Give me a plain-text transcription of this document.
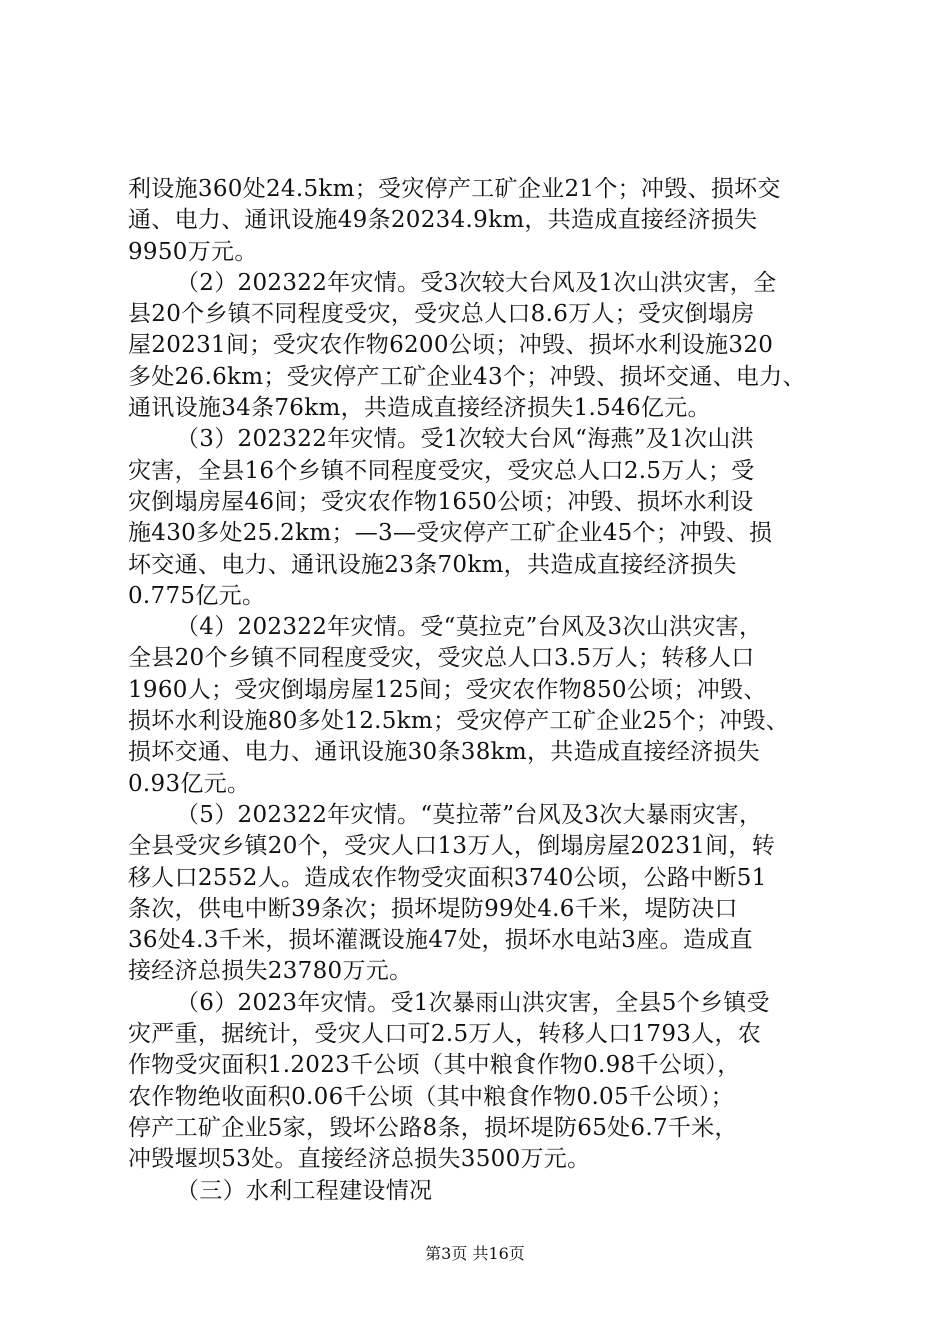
利设施360处24.5km；受灾停产工矿企业21个；冲毁、损坏交
通、电力、通讯设施49条20234.9km，共造成直接经济损失
9950万元。
（2）202322年灾情。受3次较大台风及1次山洪灾害，全
县20个乡镇不同程度受灾，受灾总人口8.6万人；受灾倒塌房
屋20231间；受灾农作物6200公顷；冲毁、损坏水利设施320
多处26.6km；受灾停产工矿企业43个；冲毁、损坏交通、电力、
通讯设施34条76km，共造成直接经济损失1.546亿元。
（3）202322年灾情。受1次较大台风“海燕”及1次山洪
灾害，全县16个乡镇不同程度受灾，受灾总人口2.5万人；受
灾倒塌房屋46间；受灾农作物1650公顷；冲毁、损坏水利设
施430多处25.2km；—3—受灾停产工矿企业45个；冲毁、损
坏交通、电力、通讯设施23条70km，共造成直接经济损失
0.775亿元。
（4）202322年灾情。受“莫拉克”台风及3次山洪灾害，
全县20个乡镇不同程度受灾，受灾总人口3.5万人；转移人口
1960人；受灾倒塌房屋125间；受灾农作物850公顷；冲毁、
损坏水利设施80多处12.5km；受灾停产工矿企业25个；冲毁、
损坏交通、电力、通讯设施30条38km，共造成直接经济损失
0.93亿元。
（5）202322年灾情。“莫拉蒂”台风及3次大暴雨灾害，
全县受灾乡镇20个，受灾人口13万人，倒塌房屋20231间，转
移人口2552人。造成农作物受灾面积3740公顷，公路中断51
条次，供电中断39条次；损坏堤防99处4.6千米，堤防决口
36处4.3千米，损坏灌溉设施47处，损坏水电站3座。造成直
接经济总损失23780万元。
（6）2023年灾情。受1次暴雨山洪灾害，全县5个乡镇受
灾严重，据统计，受灾人口可2.5万人，转移人口1793人，农
作物受灾面积1.2023千公顷（其中粮食作物0.98千公顷），
农作物绝收面积0.06千公顷（其中粮食作物0.05千公顷）；
停产工矿企业5家，毁坏公路8条，损坏堤防65处6.7千米，
冲毁堰坝53处。直接经济总损失3500万元。
（三）水利工程建设情况
第3页 共16页
